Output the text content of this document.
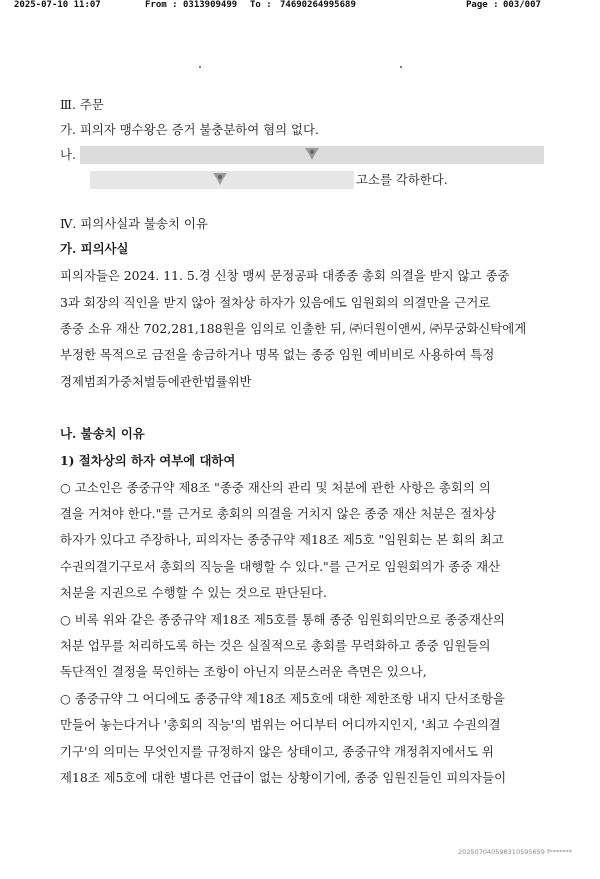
2025-07-10 11:07	From : 0313909499 To : 74690264995689	Page : 003/007
Ⅲ. 주문
가. 피의자 맹수왕은 증거 불충분하여 혐의 없다.
나.
고소를 각하한다.
Ⅳ. 피의사실과 불송치 이유
가. 피의사실
피의자들은 2024. 11. 5.경 신창 맹씨 문정공파 대종종 총회 의결을 받지 않고 종중
3과 회장의 직인을 받지 않아 절차상 하자가 있음에도 임원회의 의결만을 근거로
종중 소유 재산 702,281,188원을 임의로 인출한 뒤, ㈜더원이앤씨, ㈜무궁화신탁에게
부정한 목적으로 금전을 송금하거나 명목 없는 종중 임원 예비비로 사용하여 특정
경제범죄가중처벌등에관한법률위반
나. 불송치 이유
1) 절차상의 하자 여부에 대하여
○ 고소인은 종중규약 제8조 "종중 재산의 관리 및 처분에 관한 사항은 총회의 의
결을 거쳐야 한다."를 근거로 총회의 의결을 거치지 않은 종중 재산 처분은 절차상
하자가 있다고 주장하나, 피의자는 종중규약 제18조 제5호 "임원회는 본 회의 최고
수권의결기구로서 총회의 직능을 대행할 수 있다."를 근거로 임원회의가 종중 재산
처분을 지권으로 수행할 수 있는 것으로 판단된다.
○ 비록 위와 같은 종중규약 제18조 제5호를 통해 종중 임원회의만으로 종중재산의
처분 업무를 처리하도록 하는 것은 실질적으로 총회를 무력화하고 종중 임원들의
독단적인 결정을 묵인하는 조항이 아닌지 의문스러운 측면은 있으나,
○ 종중규약 그 어디에도 종중규약 제18조 제5호에 대한 제한조항 내지 단서조항을
만들어 놓는다거나 '총회의 직능'의 범위는 어디부터 어디까지인지, '최고 수권의결
기구'의 의미는 무엇인지를 규정하지 않은 상태이고, 종중규약 개정취지에서도 위
제18조 제5호에 대한 별다른 언급이 없는 상황이기에, 종중 임원진들인 피의자들이
20250704059631059565​9 f*******
